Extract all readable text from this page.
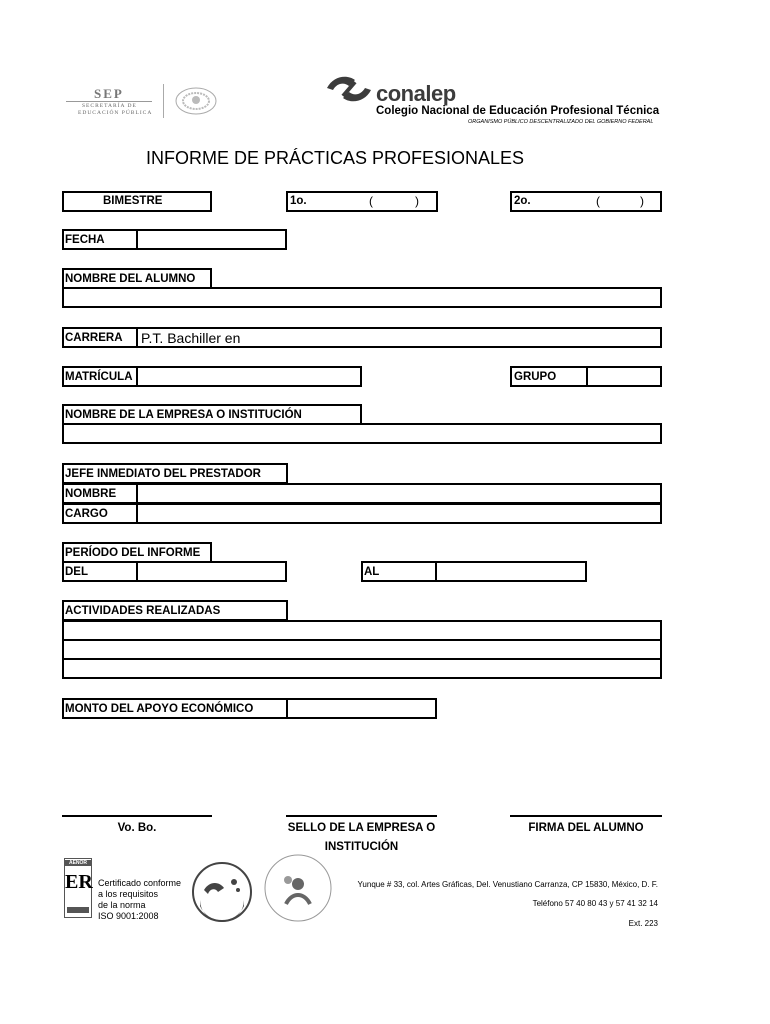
SEP
SECRETARÍA DE
EDUCACIÓN PÚBLICA
conalep
Colegio Nacional de Educación Profesional Técnica
ORGANISMO PÚBLICO DESCENTRALIZADO DEL GOBIERNO FEDERAL
INFORME DE PRÁCTICAS PROFESIONALES
BIMESTRE	1o.	(	)	2o.	(	)
FECHA
NOMBRE DEL ALUMNO
CARRERA P.T. Bachiller en
MATRÍCULA	GRUPO
NOMBRE DE LA EMPRESA O INSTITUCIÓN
JEFE INMEDIATO DEL PRESTADOR
NOMBRE
CARGO
PERÍODO DEL INFORME
DEL	AL
ACTIVIDADES REALIZADAS
MONTO DEL APOYO ECONÓMICO
Vo. Bo.	SELLO DE LA EMPRESA O
INSTITUCIÓN
FIRMA DEL ALUMNO
AENOR
ER Certificado conforme
a los requisitos
de la norma
ISO 9001:2008
Yunque # 33, col. Artes Gráficas, Del. Venustiano Carranza, CP 15830, México, D. F.
Teléfono 57 40 80 43 y 57 41 32 14
Ext. 223
